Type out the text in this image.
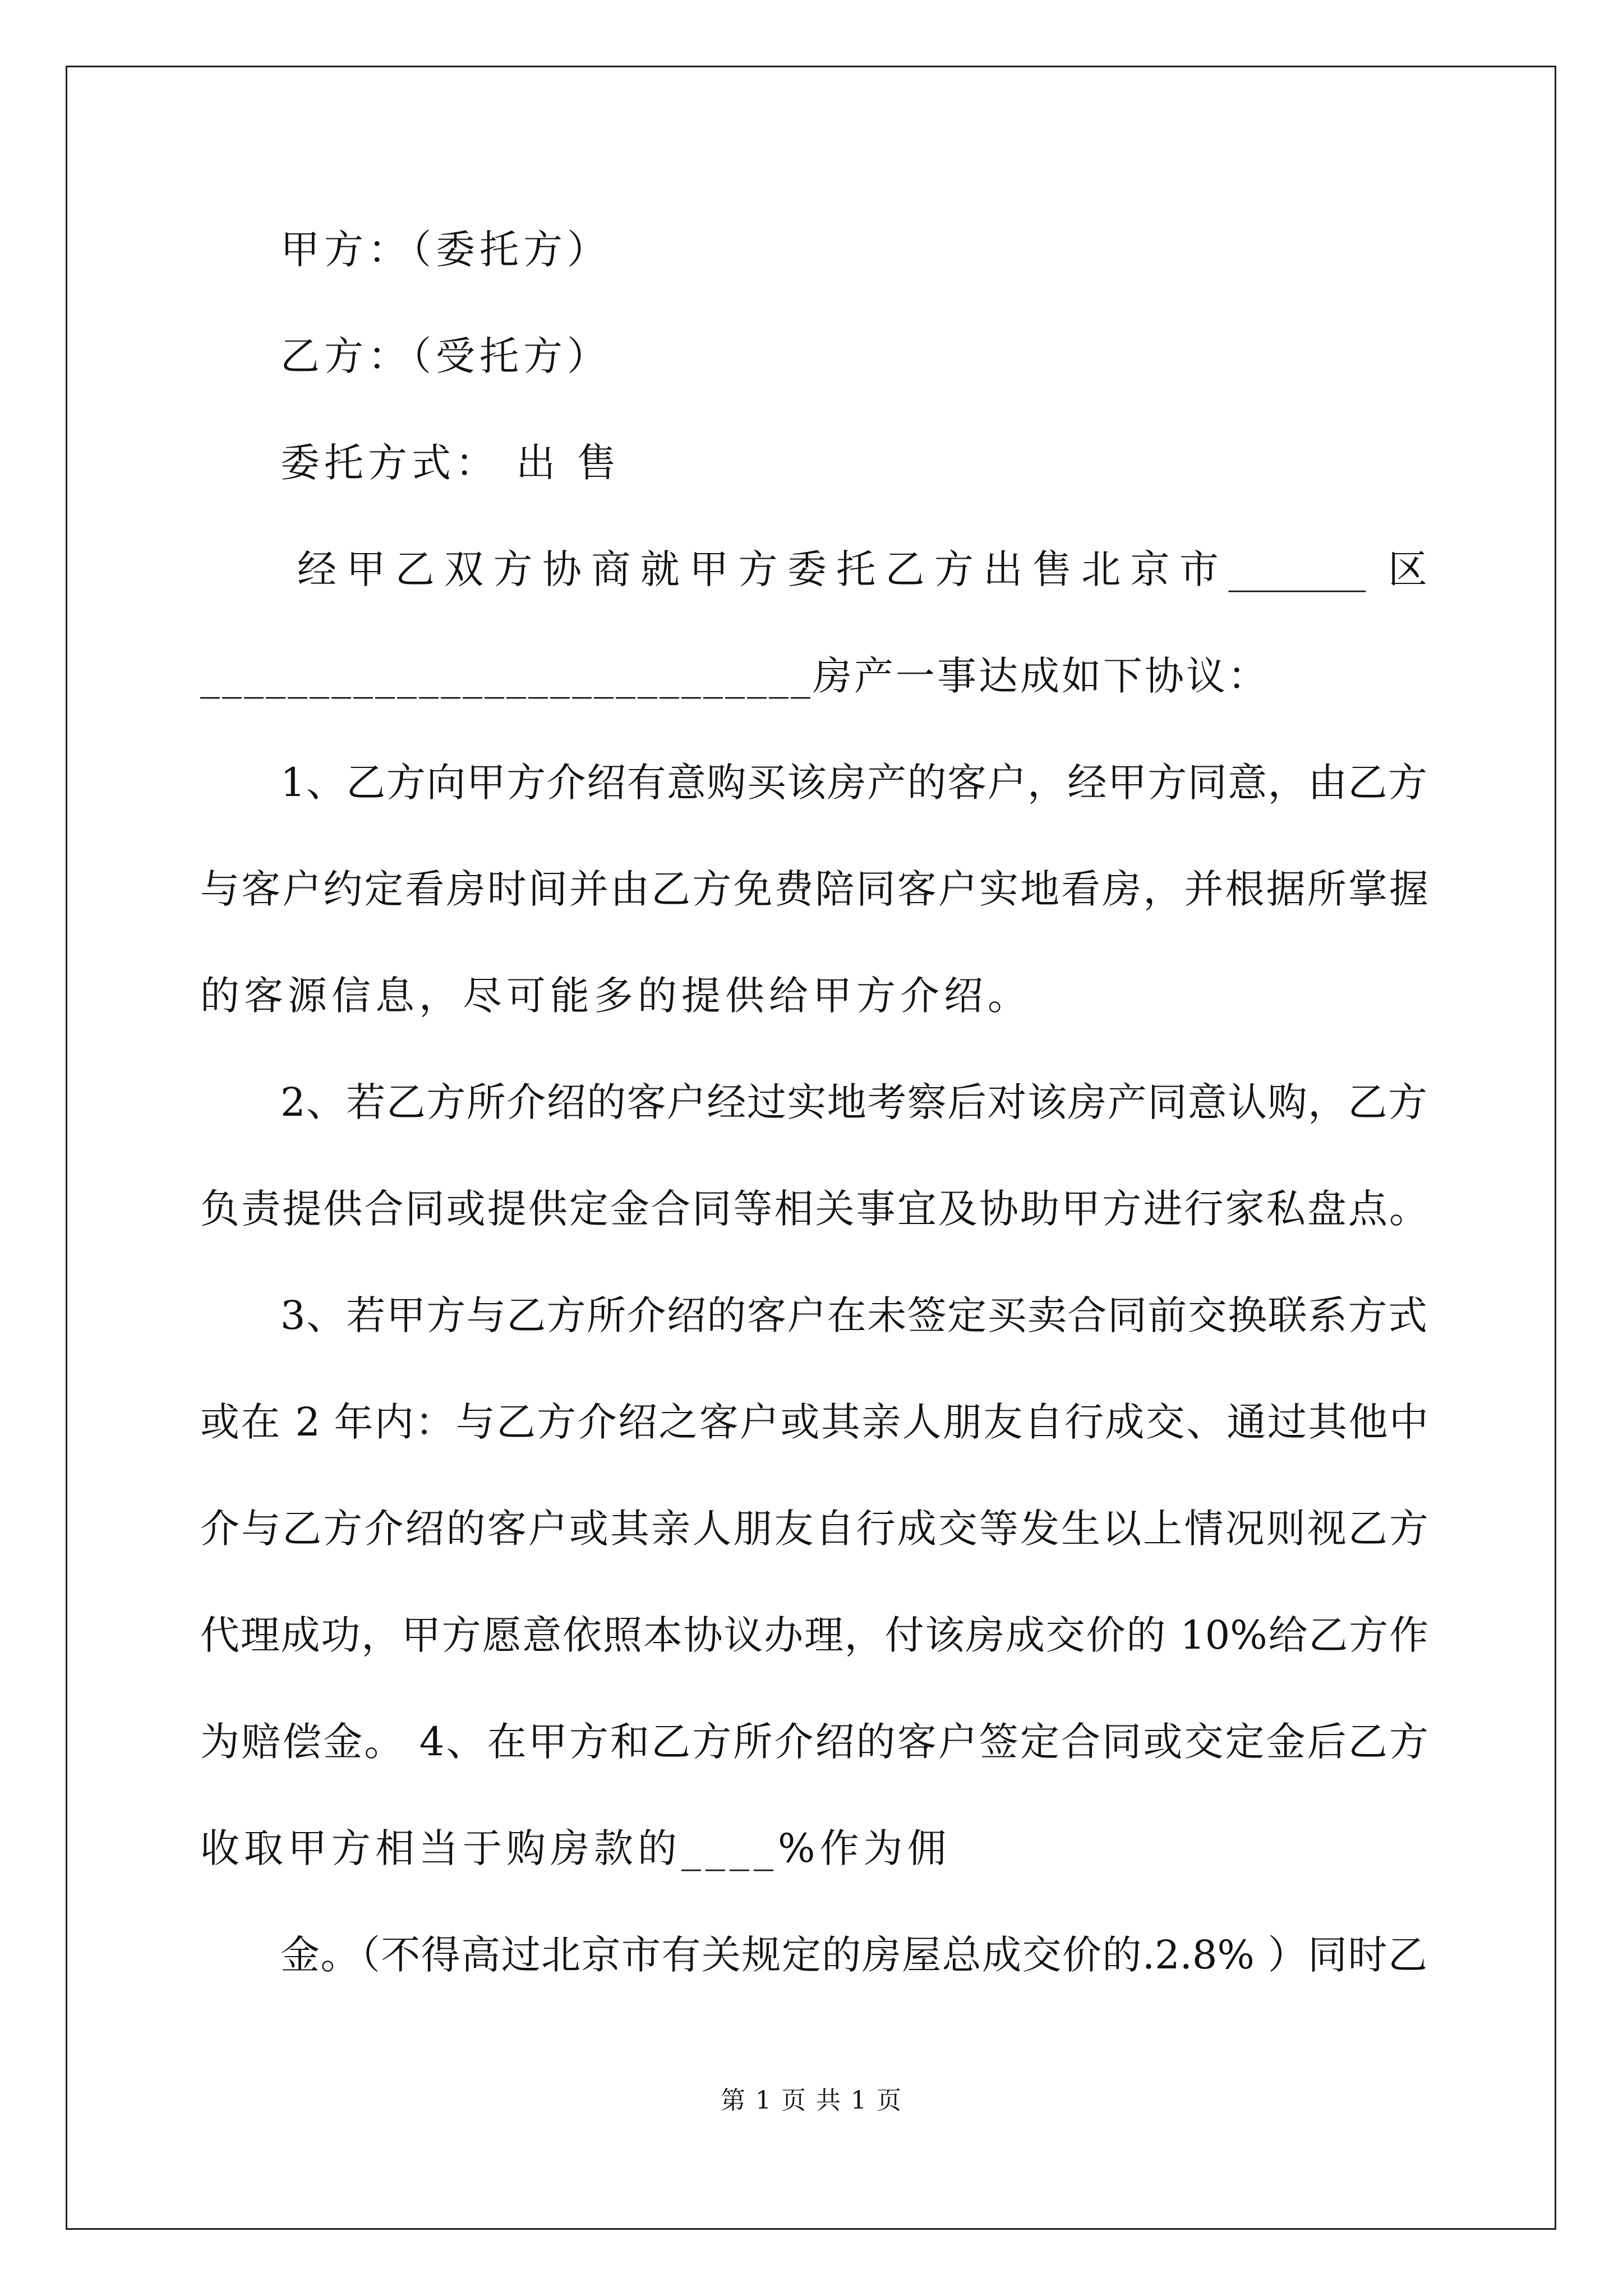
甲方：（委托方）
乙方：（受托方）
委托方式： 出 售
经甲乙双方协商就甲方委托乙方出售北京市_______ 区
____________________________房产一事达成如下协议：
1、乙方向甲方介绍有意购买该房产的客户，经甲方同意，由乙方
与客户约定看房时间并由乙方免费陪同客户实地看房，并根据所掌握
的客源信息，尽可能多的提供给甲方介绍。
2、若乙方所介绍的客户经过实地考察后对该房产同意认购，乙方
负责提供合同或提供定金合同等相关事宜及协助甲方进行家私盘点。
3、若甲方与乙方所介绍的客户在未签定买卖合同前交换联系方式
或在 2 年内：与乙方介绍之客户或其亲人朋友自行成交、通过其他中
介与乙方介绍的客户或其亲人朋友自行成交等发生以上情况则视乙方
代理成功，甲方愿意依照本协议办理，付该房成交价的 10%给乙方作
为赔偿金。 4、在甲方和乙方所介绍的客户签定合同或交定金后乙方
收取甲方相当于购房款的____%作为佣
金。（不得高过北京市有关规定的房屋总成交价的.2.8% ）同时乙
第 1 页 共 1 页
